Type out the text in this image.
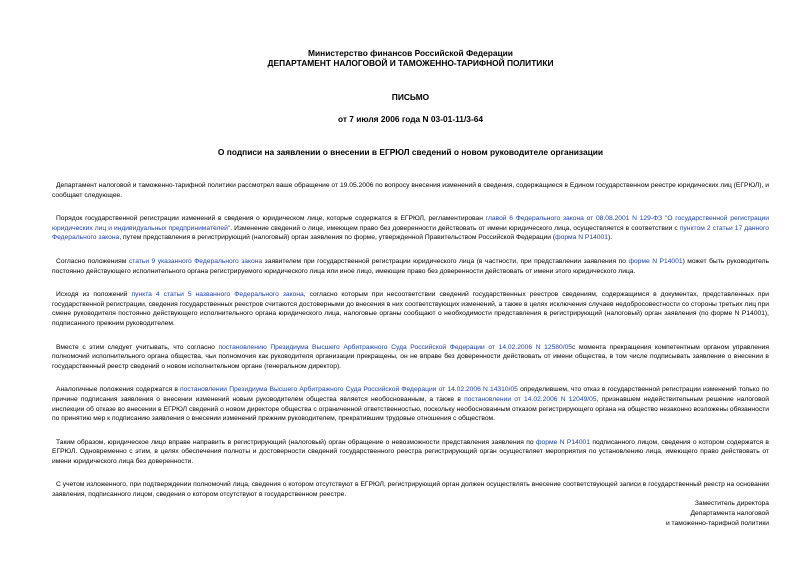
Министерство финансов Российской Федерации
ДЕПАРТАМЕНТ НАЛОГОВОЙ И ТАМОЖЕННО-ТАРИФНОЙ ПОЛИТИКИ
ПИСЬМО
от 7 июля 2006 года N 03-01-11/3-64
О подписи на заявлении о внесении в ЕГРЮЛ сведений о новом руководителе организации

Департамент налоговой и таможенно-тарифной политики рассмотрел ваше обращение от 19.05.2006 по вопросу внесения изменений в сведения, содержащиеся в Едином государственном реестре юридических лиц (ЕГРЮЛ), и сообщает следующее.

Порядок государственной регистрации изменений в сведения о юридическом лице, которые содержатся в ЕГРЮЛ, регламентирован главой 6 Федерального закона от 08.08.2001 N 129-ФЗ "О государственной регистрации юридических лиц и индивидуальных предпринимателей". Изменение сведений о лице, имеющем право без доверенности действовать от имени юридического лица, осуществляется в соответствии с пунктом 2 статьи 17 данного Федерального закона, путем представления в регистрирующий (налоговый) орган заявления по форме, утвержденной Правительством Российской Федерации (форма N Р14001).

Согласно положениям статьи 9 указанного Федерального закона заявителем при государственной регистрации юридического лица (в частности, при представлении заявления по форме N Р14001) может быть руководитель постоянно действующего исполнительного органа регистрируемого юридического лица или иное лицо, имеющие право без доверенности действовать от имени этого юридического лица.

Исходя из положений пункта 4 статьи 5 названного Федерального закона, согласно которым при несоответствии сведений государственных реестров сведениям, содержащимся в документах, представленных при государственной регистрации, сведения государственных реестров считаются достоверными до внесения в них соответствующих изменений, а также в целях исключения случаев недобросовестности со стороны третьих лиц при смене руководителя постоянно действующего исполнительного органа юридического лица, налоговые органы сообщают о необходимости представления в регистрирующий (налоговый) орган заявления (по форме N Р14001), подписанного прежним руководителем.

Вместе с этим следует учитывать, что согласно постановлению Президиума Высшего Арбитражного Суда Российской Федерации от 14.02.2006 N 12580/05с момента прекращения компетентным органом управления полномочий исполнительного органа общества, чьи полномочия как руководителя организации прекращены, он не вправе без доверенности действовать от имени общества, в том числе подписывать заявление о внесении в государственный реестр сведений о новом исполнительном органе (генеральном директор).

Аналогичные положения содержатся в постановлении Президиума Высшего Арбитражного Суда Российской Федерации от 14.02.2006 N 14310/05 определившем, что отказ в государственной регистрации изменений только по причине подписания заявления о внесении изменений новым руководителем общества является необоснованным, а также в постановлении от 14.02.2006 N 12049/05, признавшем недействительным решение налоговой инспекции об отказе во внесении в ЕГРЮЛ сведений о новом директоре общества с ограниченной ответственностью, поскольку необоснованным отказом регистрирующего органа на общество незаконно возложены обязанности по принятию мер к подписанию заявления о внесении изменений прежним руководителем, прекратившим трудовые отношения с обществом.

Таким образом, юридическое лицо вправе направить в регистрирующий (налоговый) орган обращение о невозможности представления заявления по форме N Р14001 подписанного лицом, сведения о котором содержатся в ЕГРЮЛ. Одновременно с этим, в целях обеспечения полноты и достоверности сведений государственного реестра регистрирующий орган осуществляет мероприятия по установлению лица, имеющего право действовать от имени юридического лица без доверенности.

С учетом изложенного, при подтверждении полномочий лица, сведения о котором отсутствуют в ЕГРЮЛ, регистрирующий орган должен осуществлять внесение соответствующей записи в государственный реестр на основании заявления, подписанного лицом, сведения о котором отсутствуют в государственном реестре.

Заместитель директора
Департамента налоговой
и таможенно-тарифной политики
